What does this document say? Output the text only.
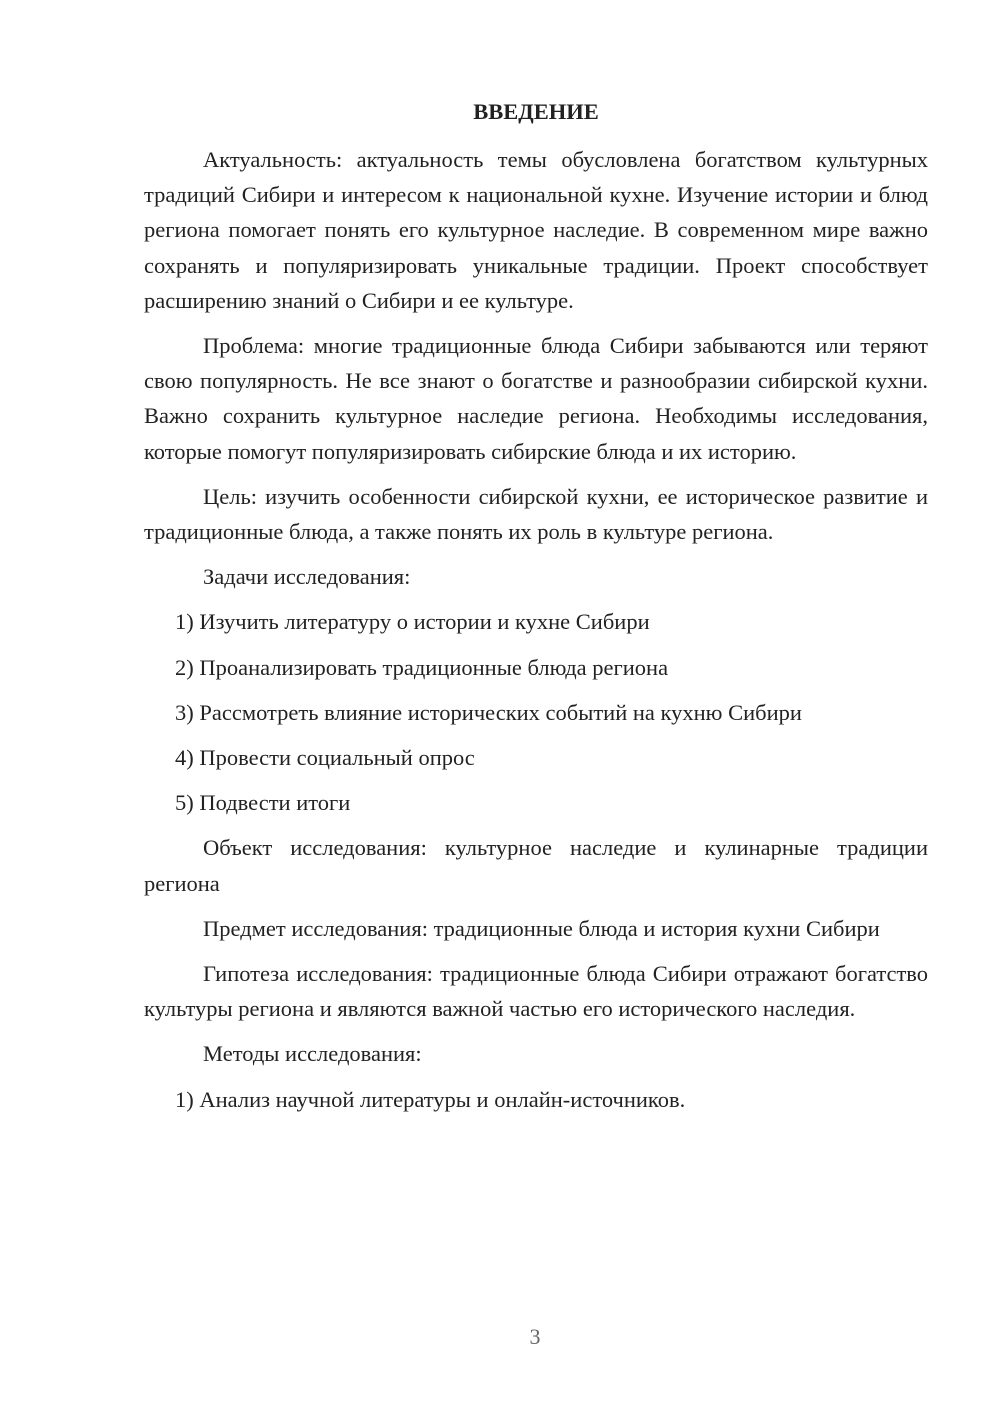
ВВЕДЕНИЕ

Актуальность: актуальность темы обусловлена богатством культурных традиций Сибири и интересом к национальной кухне. Изучение истории и блюд региона помогает понять его культурное наследие. В современном мире важно сохранять и популяризировать уникальные традиции. Проект способствует расширению знаний о Сибири и ее культуре.

Проблема: многие традиционные блюда Сибири забываются или теряют свою популярность. Не все знают о богатстве и разнообразии сибирской кухни. Важно сохранить культурное наследие региона. Необходимы исследования, которые помогут популяризировать сибирские блюда и их историю.

Цель: изучить особенности сибирской кухни, ее историческое развитие и традиционные блюда, а также понять их роль в культуре региона.

Задачи исследования:
1) Изучить литературу о истории и кухне Сибири
2) Проанализировать традиционные блюда региона
3) Рассмотреть влияние исторических событий на кухню Сибири
4) Провести социальный опрос
5) Подвести итоги

Объект исследования: культурное наследие и кулинарные традиции региона

Предмет исследования: традиционные блюда и история кухни Сибири

Гипотеза исследования: традиционные блюда Сибири отражают богатство культуры региона и являются важной частью его исторического наследия.

Методы исследования:
1) Анализ научной литературы и онлайн-источников.
3
